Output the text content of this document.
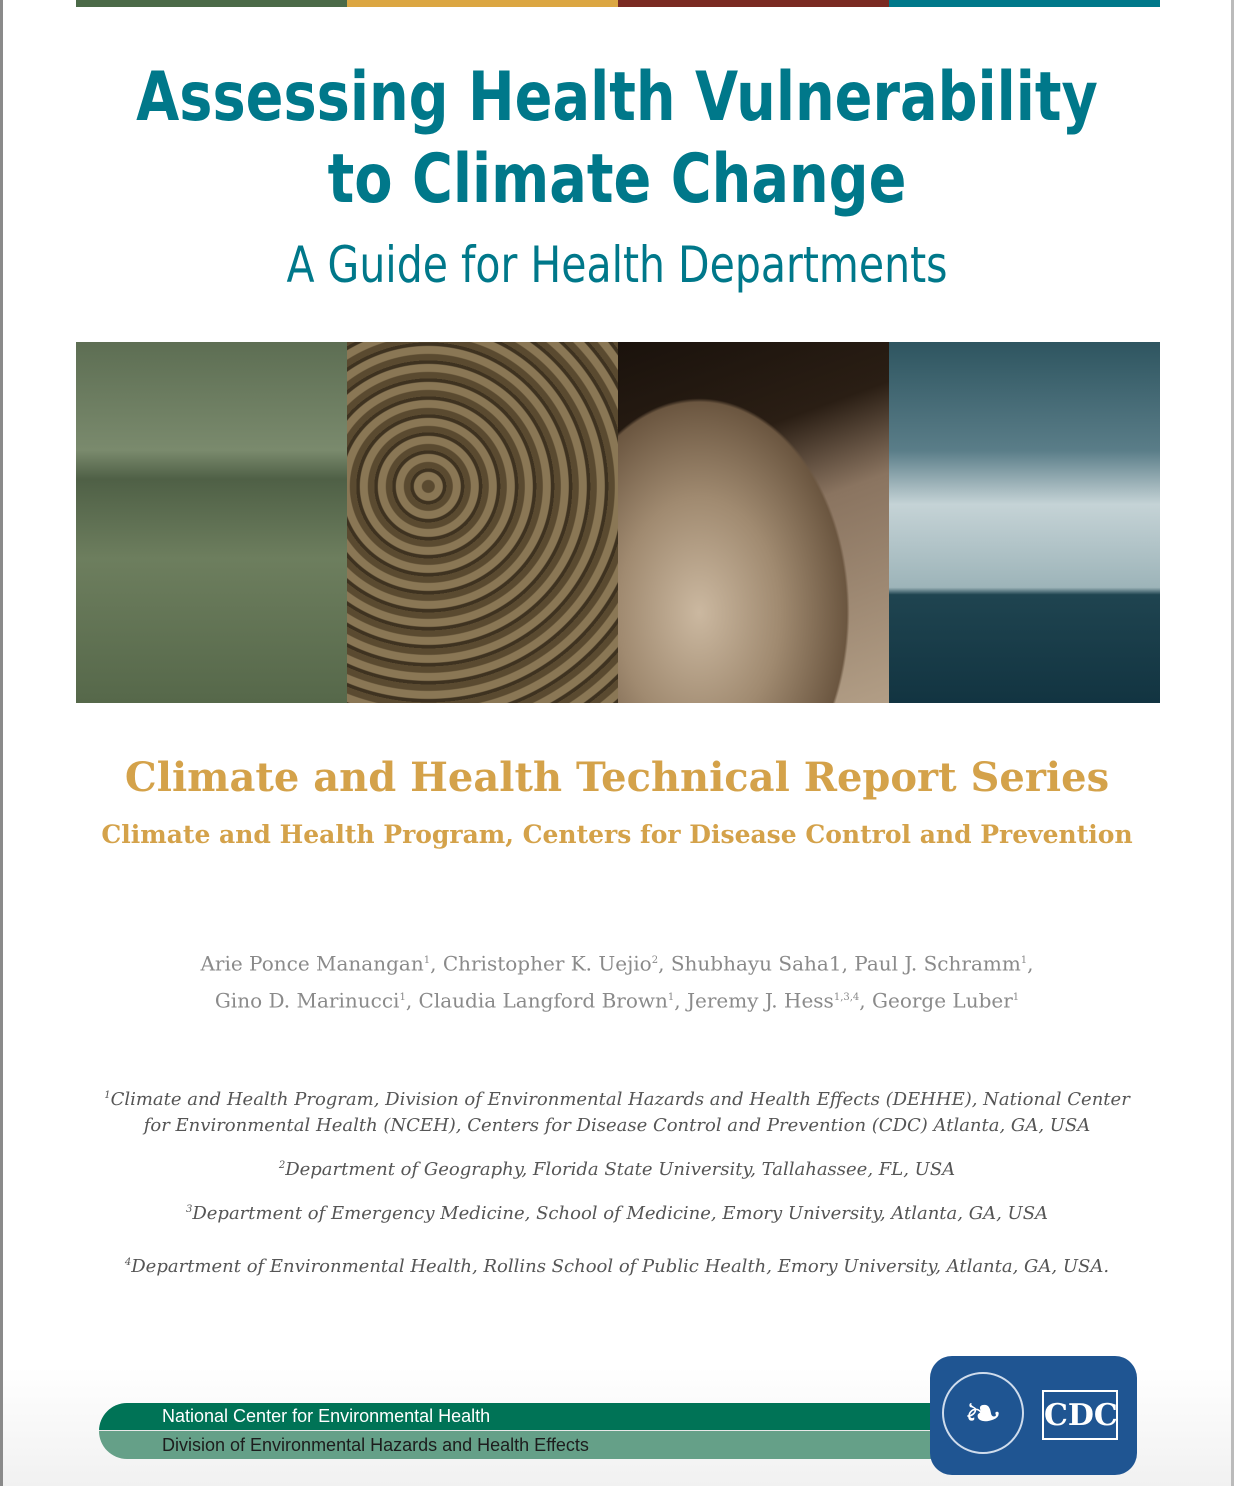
Assessing Health Vulnerability
to Climate Change
A Guide for Health Departments
Climate and Health Technical Report Series
Climate and Health Program, Centers for Disease Control and Prevention
Arie Ponce Manangan$^1$, Christopher K. Uejio$^2$, Shubhayu Saha1, Paul J. Schramm$^1$,
Gino D. Marinucci$^1$, Claudia Langford Brown$^1$, Jeremy J. Hess$^{1,3,4}$, George Luber$^1$
$^1$Climate and Health Program, Division of Environmental Hazards and Health Effects (DEHHE), National Center for Environmental Health (NCEH), Centers for Disease Control and Prevention (CDC) Atlanta, GA, USA
$^2$Department of Geography, Florida State University, Tallahassee, FL, USA
$^3$Department of Emergency Medicine, School of Medicine, Emory University, Atlanta, GA, USA
$^4$Department of Environmental Health, Rollins School of Public Health, Emory University, Atlanta, GA, USA.
National Center for Environmental Health
Division of Environmental Hazards and Health Effects
❧	CDC
